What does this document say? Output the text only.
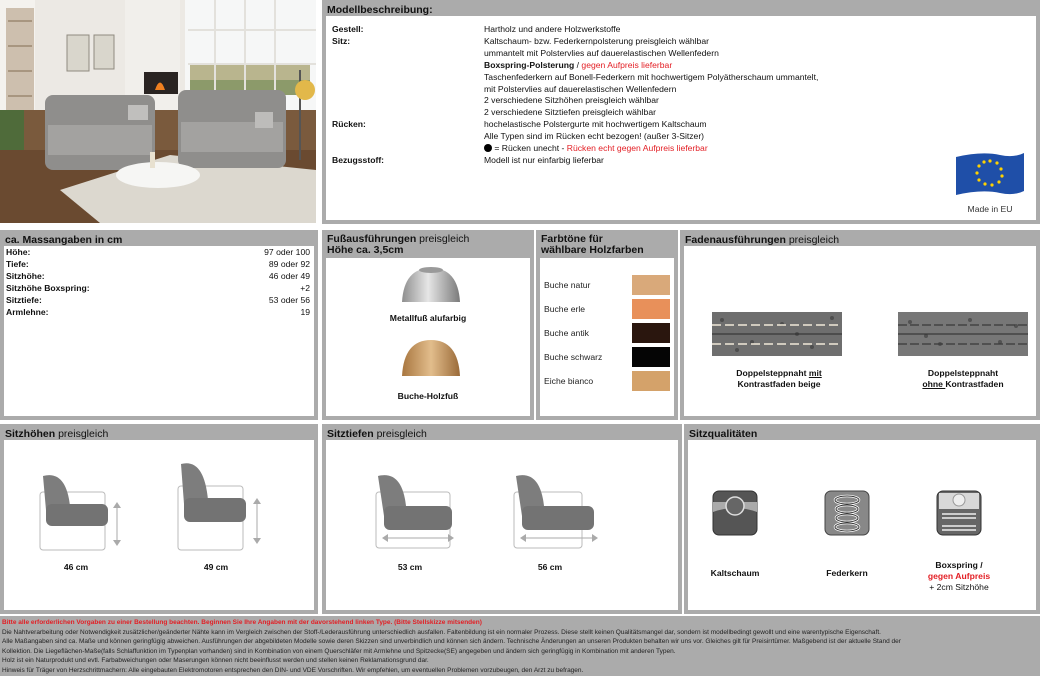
Modellbeschreibung:
Gestell:	Hartholz und andere Holzwerkstoffe
Sitz:	Kaltschaum- bzw. Federkernpolsterung preisgleich wählbar
ummantelt mit Polstervlies auf dauerelastischen Wellenfedern
Boxspring-Polsterung / gegen Aufpreis lieferbar
Taschenfederkern auf Bonell-Federkern mit hochwertigem Polyätherschaum ummantelt,
mit Polstervlies auf dauerelastischen Wellenfedern
2 verschiedene Sitzhöhen preisgleich wählbar
2 verschiedene Sitztiefen preisgleich wählbar
Rücken:	hochelastische Polstergurte mit hochwertigem Kaltschaum
Alle Typen sind im Rücken echt bezogen! (außer 3-Sitzer)
= Rücken unecht - Rücken echt gegen Aufpreis lieferbar
Bezugsstoff:	Modell ist nur einfarbig lieferbar
Made in EU
ca. Massangaben in cm
Höhe:	97 oder 100
Tiefe:	89 oder 92
Sitzhöhe:	46 oder 49
Sitzhöhe Boxspring:	+2
Sitztiefe:	53 oder 56
Armlehne:	19
Fußausführungen preisgleich
Höhe ca. 3,5cm
Metallfuß alufarbig
Buche-Holzfuß
Farbtöne für
wählbare Holzfarben
Buche natur
Buche erle
Buche antik
Buche schwarz
Eiche bianco
Fadenausführungen preisgleich
Doppelsteppnaht mit
Kontrastfaden beige
Doppelsteppnaht
ohne Kontrastfaden
Sitzhöhen preisgleich
46 cm	49 cm
Sitztiefen preisgleich
53 cm	56 cm
Sitzqualitäten
Kaltschaum	Federkern
Boxspring /
gegen Aufpreis
+ 2cm Sitzhöhe
Bitte alle erforderlichen Vorgaben zu einer Bestellung beachten. Beginnen Sie Ihre Angaben mit der davorstehend linken Type. (Bitte Stellskizze mitsenden)
Die Nahtverarbeitung oder Notwendigkeit zusätzlicher/geänderter Nähte kann im Vergleich zwischen der Stoff-/Lederausführung unterschiedlich ausfallen. Faltenbildung ist ein normaler Prozess. Diese stellt keinen Qualitätsmangel dar, sondern ist modellbedingt gewollt und eine warentypische Eigenschaft.
Alle Maßangaben sind ca. Maße und können geringfügig abweichen. Ausführungen der abgebildeten Modelle sowie deren Skizzen sind unverbindlich und können sich ändern. Technische Änderungen an unseren Produkten behalten wir uns vor. Gleiches gilt für Preisirrtümer. Maßgebend ist der aktuelle Stand der
Kollektion. Die Liegeflächen-Maße(falls Schlaffunktion im Typenplan vorhanden) sind in Kombination von einem Querschläfer mit Armlehne und Spitzecke(SE) angegeben und ändern sich geringfügig in Kombination mit anderen Typen.
Holz ist ein Naturprodukt und evtl. Farbabweichungen oder Maserungen können nicht beeinflusst werden und stellen keinen Reklamationsgrund dar.
Hinweis für Träger von Herzschrittmachern: Alle eingebauten Elektromotoren entsprechen den DIN- und VDE Vorschriften. Wir empfehlen, um eventuellen Problemen vorzubeugen, den Arzt zu befragen.
